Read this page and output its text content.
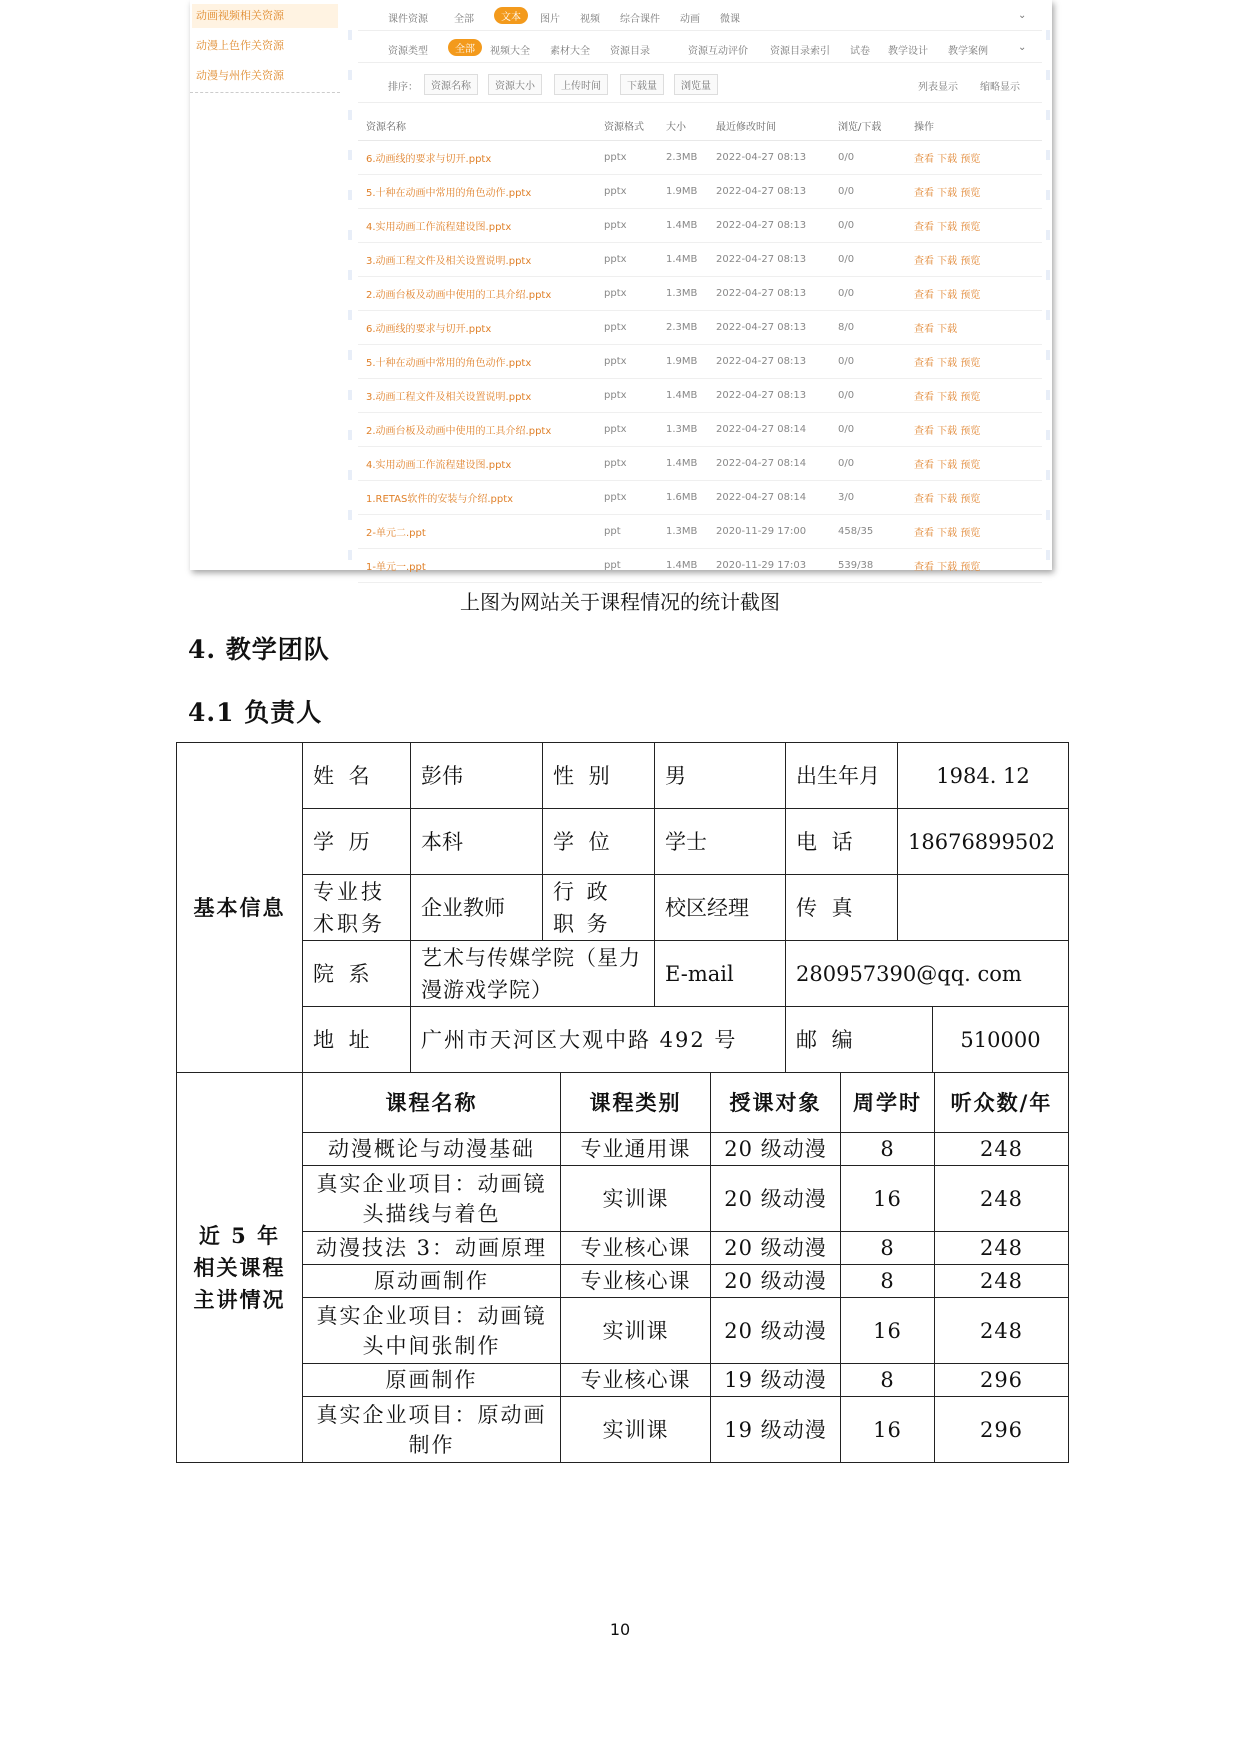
动画视频相关资源
动漫上色作关资源
动漫与州作关资源
课件资源	全部	文本	图片 视频 综合课件 动画 微课	⌄
资源类型	全部	视频大全 素材大全 资源目录	资源互动评价 资源目录索引 试卷 教学设计 教学案例	⌄
排序：	资源名称	资源大小	上传时间	下载量	浏览量	列表显示 缩略显示
资源名称	资源格式	大小	最近修改时间	浏览/下载	操作
6.动画线的要求与切开.pptx	pptx	2.3MB	2022-04-27 08:13	0/0	查看 下载 预览
5.十种在动画中常用的角色动作.pptx	pptx	1.9MB	2022-04-27 08:13	0/0	查看 下载 预览
4.实用动画工作流程建设图.pptx	pptx	1.4MB	2022-04-27 08:13	0/0	查看 下载 预览
3.动画工程文件及相关设置说明.pptx	pptx	1.4MB	2022-04-27 08:13	0/0	查看 下载 预览
2.动画台板及动画中使用的工具介绍.pptx	pptx	1.3MB	2022-04-27 08:13	0/0	查看 下载 预览
6.动画线的要求与切开.pptx	pptx	2.3MB	2022-04-27 08:13	8/0	查看 下载
5.十种在动画中常用的角色动作.pptx	pptx	1.9MB	2022-04-27 08:13	0/0	查看 下载 预览
3.动画工程文件及相关设置说明.pptx	pptx	1.4MB	2022-04-27 08:13	0/0	查看 下载 预览
2.动画台板及动画中使用的工具介绍.pptx	pptx	1.3MB	2022-04-27 08:14	0/0	查看 下载 预览
4.实用动画工作流程建设图.pptx	pptx	1.4MB	2022-04-27 08:14	0/0	查看 下载 预览
1.RETAS软件的安装与介绍.pptx	pptx	1.6MB	2022-04-27 08:14	3/0	查看 下载 预览
2-单元二.ppt	ppt	1.3MB	2020-11-29 17:00	458/35	查看 下载 预览
1-单元一.ppt	ppt	1.4MB	2020-11-29 17:03	539/38	查看 下载 预览
上图为网站关于课程情况的统计截图
4. 教学团队
4.1 负责人
基本信息	姓 名	彭伟	性 别	男	出生年月	1984. 12	
	学 历	本科	学 位	学士	电 话	18676899502	
	专业技术职务	企业教师	行 政 职 务	校区经理	传 真		
	院 系	艺术与传媒学院（星力漫游戏学院）		E-mail	280957390@qq. com		
	地 址	广州市天河区大观中路 492 号			邮 编		510000
近 5 年相关课程主讲情况	课程名称	课程类别	授课对象	周学时	听众数/年
	动漫概论与动漫基础	专业通用课	20 级动漫	8	248
	真实企业项目：动画镜头描线与着色	实训课	20 级动漫	16	248
	动漫技法 3：动画原理	专业核心课	20 级动漫	8	248
	原动画制作	专业核心课	20 级动漫	8	248
	真实企业项目：动画镜头中间张制作	实训课	20 级动漫	16	248
	原画制作	专业核心课	19 级动漫	8	296
	真实企业项目：原动画制作	实训课	19 级动漫	16	296
10
